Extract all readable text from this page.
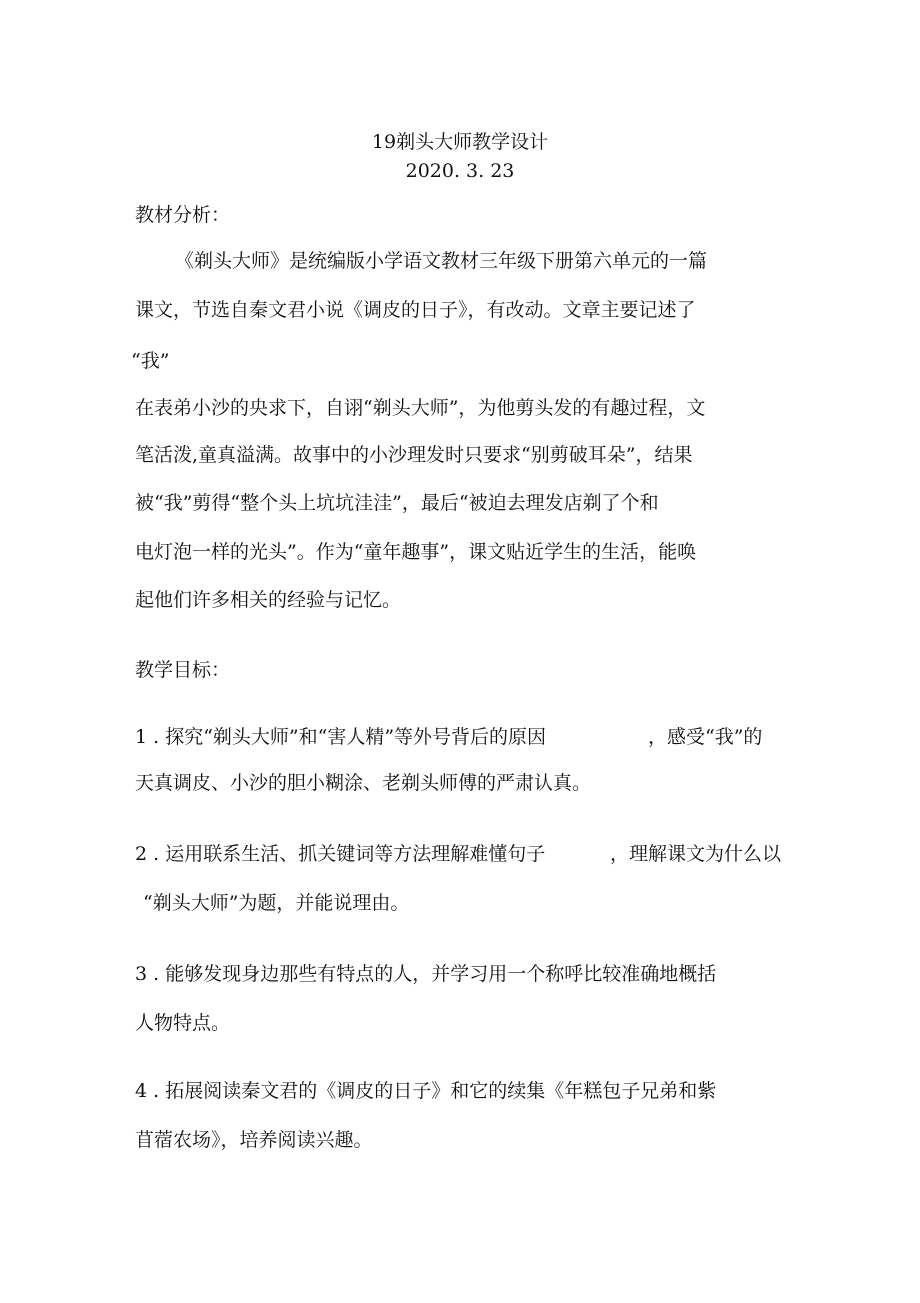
19剃头大师教学设计
2020. 3. 23
教材分析：
《剃头大师》是统编版小学语文教材三年级下册第六单元的一篇
课文，节选自秦文君小说《调皮的日子》，有改动。文章主要记述了
“我”
在表弟小沙的央求下，自诩“剃头大师”，为他剪头发的有趣过程，文
笔活泼,童真溢满。故事中的小沙理发时只要求“别剪破耳朵”，结果
被“我”剪得“整个头上坑坑洼洼”，最后“被迫去理发店剃了个和
电灯泡一样的光头”。作为“童年趣事”，课文贴近学生的生活，能唤
起他们许多相关的经验与记忆。
教学目标：
1 . 探究“剃头大师”和“害人精”等外号背后的原因	，感受“我”的
天真调皮、小沙的胆小糊涂、老剃头师傅的严肃认真。
2 . 运用联系生活、抓关键词等方法理解难懂句子	，理解课文为什么以
“剃头大师”为题，并能说理由。
3 . 能够发现身边那些有特点的人，并学习用一个称呼比较准确地概括
人物特点。
4 . 拓展阅读秦文君的《调皮的日子》和它的续集《年糕包子兄弟和紫
苜蓿农场》，培养阅读兴趣。
